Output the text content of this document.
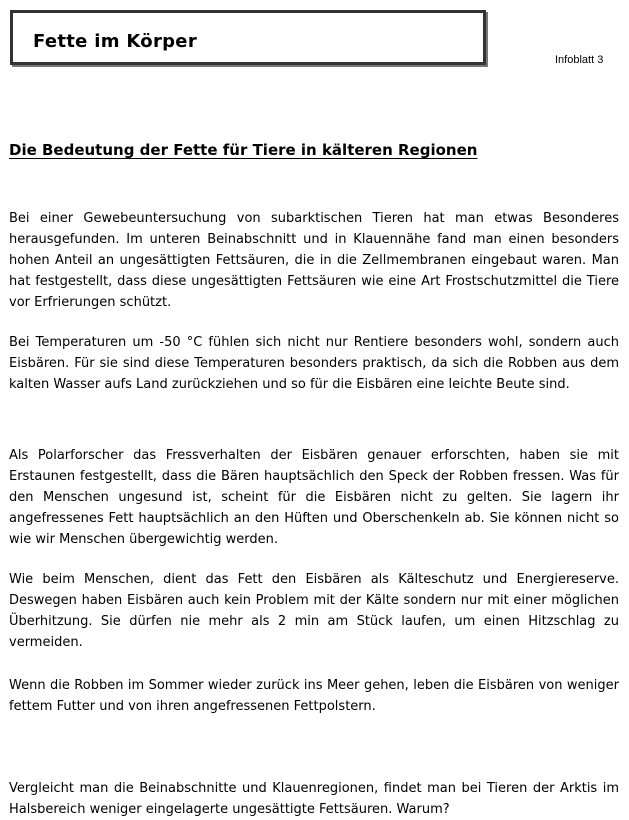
Fette im Körper
Infoblatt 3
Die Bedeutung der Fette für Tiere in kälteren Regionen

Bei einer Gewebeuntersuchung von subarktischen Tieren hat man etwas Besonderes herausgefunden. Im unteren Beinabschnitt und in Klauennähe fand man einen besonders hohen Anteil an ungesättigten Fettsäuren, die in die Zellmembranen eingebaut waren. Man hat festgestellt, dass diese ungesättigten Fettsäuren wie eine Art Frostschutzmittel die Tiere vor Erfrierungen schützt.

Bei Temperaturen um -50 °C fühlen sich nicht nur Rentiere besonders wohl, sondern auch Eisbären. Für sie sind diese Temperaturen besonders praktisch, da sich die Robben aus dem kalten Wasser aufs Land zurückziehen und so für die Eisbären eine leichte Beute sind.

Als Polarforscher das Fressverhalten der Eisbären genauer erforschten, haben sie mit Erstaunen festgestellt, dass die Bären hauptsächlich den Speck der Robben fressen. Was für den Menschen ungesund ist, scheint für die Eisbären nicht zu gelten. Sie lagern ihr angefressenes Fett hauptsächlich an den Hüften und Oberschenkeln ab. Sie können nicht so wie wir Menschen übergewichtig werden.

Wie beim Menschen, dient das Fett den Eisbären als Kälteschutz und Energiereserve. Deswegen haben Eisbären auch kein Problem mit der Kälte sondern nur mit einer möglichen Überhitzung. Sie dürfen nie mehr als 2 min am Stück laufen, um einen Hitzschlag zu vermeiden.

Wenn die Robben im Sommer wieder zurück ins Meer gehen, leben die Eisbären von weniger fettem Futter und von ihren angefressenen Fettpolstern.

Vergleicht man die Beinabschnitte und Klauenregionen, findet man bei Tieren der Arktis im Halsbereich weniger eingelagerte ungesättigte Fettsäuren. Warum?
